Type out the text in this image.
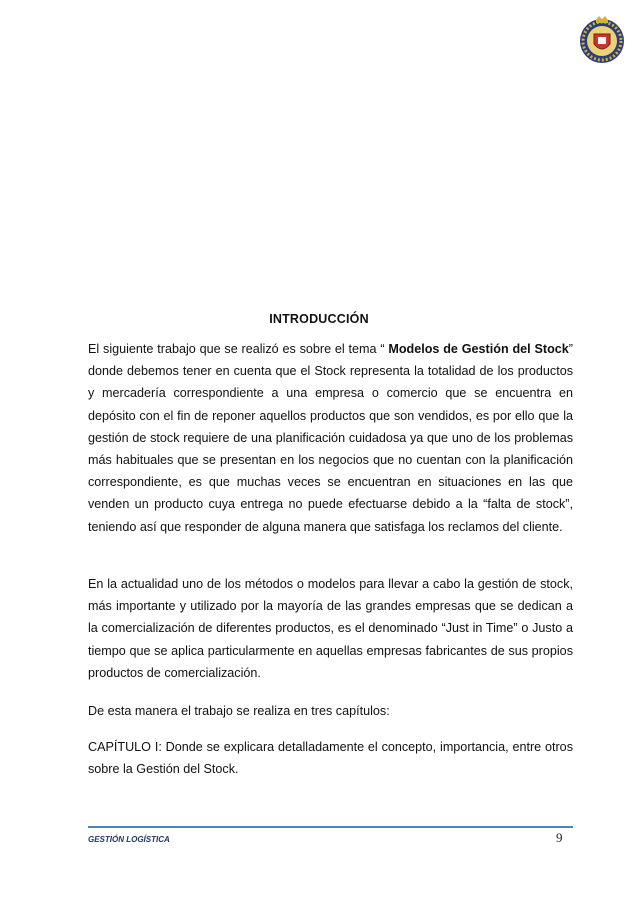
INTRODUCCIÓN

El siguiente trabajo que se realizó es sobre el tema “ Modelos de Gestión del Stock” donde debemos tener en cuenta que el Stock representa la totalidad de los productos y mercadería correspondiente a una empresa o comercio que se encuentra en depósito con el fin de reponer aquellos productos que son vendidos, es por ello que la gestión de stock requiere de una planificación cuidadosa ya que uno de los problemas más habituales que se presentan en los negocios que no cuentan con la planificación correspondiente, es que muchas veces se encuentran en situaciones en las que venden un producto cuya entrega no puede efectuarse debido a la “falta de stock”, teniendo así que responder de alguna manera que satisfaga los reclamos del cliente.

En la actualidad uno de los métodos o modelos para llevar a cabo la gestión de stock, más importante y utilizado por la mayoría de las grandes empresas que se dedican a la comercialización de diferentes productos, es el denominado “Just in Time” o Justo a tiempo que se aplica particularmente en aquellas empresas fabricantes de sus propios productos de comercialización.

De esta manera el trabajo se realiza en tres capítulos:

CAPÍTULO I: Donde se explicara detalladamente el concepto, importancia, entre otros sobre la Gestión del Stock.

GESTIÓN LOGÍSTICA	9
